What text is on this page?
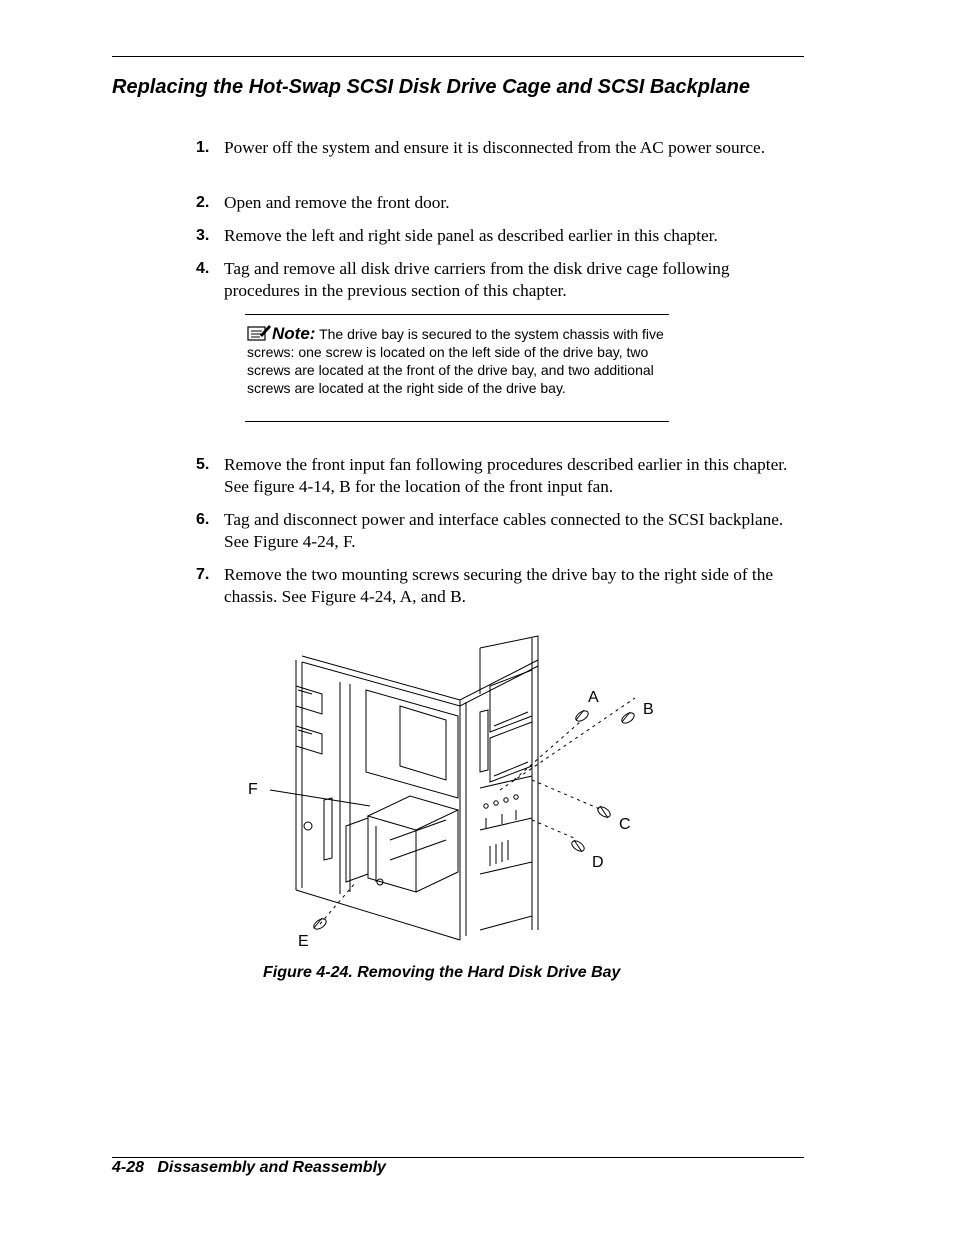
Replacing the Hot-Swap SCSI Disk Drive Cage and SCSI Backplane
1. Power off the system and ensure it is disconnected from the AC power source.
2. Open and remove the front door.
3. Remove the left and right side panel as described earlier in this chapter.
4. Tag and remove all disk drive carriers from the disk drive cage following procedures in the previous section of this chapter.
Note: The drive bay is secured to the system chassis with five screws: one screw is located on the left side of the drive bay, two screws are located at the front of the drive bay, and two additional screws are located at the right side of the drive bay.
5. Remove the front input fan following procedures described earlier in this chapter. See figure 4-14, B for the location of the front input fan.
6. Tag and disconnect power and interface cables connected to the SCSI backplane. See Figure 4-24, F.
7. Remove the two mounting screws securing the drive bay to the right side of the chassis. See Figure 4-24, A, and B.
A
B
C
D
E
F

Figure 4-24. Removing the Hard Disk Drive Bay

4-28   Dissasembly and Reassembly
